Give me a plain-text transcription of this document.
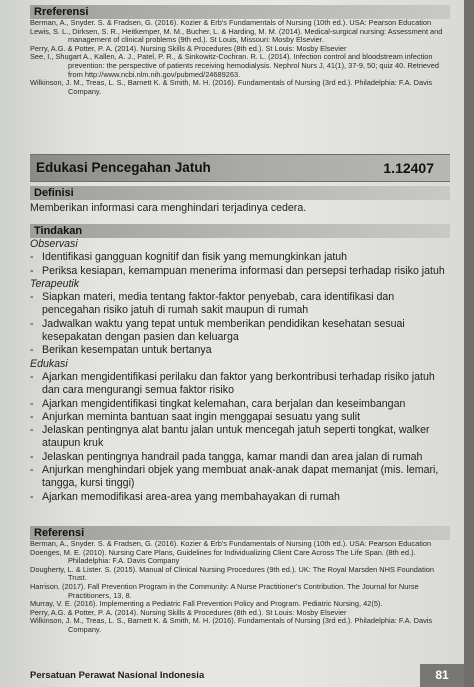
Rreferensi

Berman, A., Snyder. S. & Fradsen, G. (2016). Kozier & Erb's Fundamentals of Nursing (10th ed.). USA: Pearson Education

Lewis, S. L., Dirksen, S. R., Heitkemper, M. M., Bucher, L. & Harding, M. M. (2014). Medical-surgical nursing: Assessment and management of clinical problems (9th ed.). St Louis, Missouri: Mosby Elsevier.

Perry, A.G. & Potter, P. A. (2014). Nursing Skills & Procedures (8th ed.). St Louis: Mosby Elsevier

See, I., Shugart A., Kallen, A. J., Patel, P. R., & Sinkowitz-Cochran. R. L. (2014). Infection control and bloodstream infection prevention: the perspective of patients receiving hemodialysis. Nephrol Nurs J, 41(1), 37-9, 50; quiz 40. Retrieved from http://www.ncbi.nlm.nih.gov/pubmed/24689263.

Wilkinson, J. M., Treas, L. S., Barnett K. & Smith, M. H. (2016). Fundamentals of Nursing (3rd ed.). Philadelphia: F.A. Davis Company.

Edukasi Pencegahan Jatuh	1.12407
Definisi
Memberikan informasi cara menghindari terjadinya cedera.
Tindakan
Observasi

- Identifikasi gangguan kognitif dan fisik yang memungkinkan jatuh

- Periksa kesiapan, kemampuan menerima informasi dan persepsi terhadap risiko jatuh

Terapeutik

- Siapkan materi, media tentang faktor-faktor penyebab, cara identifikasi dan pencegahan risiko jatuh di rumah sakit maupun di rumah

- Jadwalkan waktu yang tepat untuk memberikan pendidikan kesehatan sesuai kesepakatan dengan pasien dan keluarga

- Berikan kesempatan untuk bertanya

Edukasi

- Ajarkan mengidentifikasi perilaku dan faktor yang berkontribusi terhadap risiko jatuh dan cara mengurangi semua faktor risiko

- Ajarkan mengidentifikasi tingkat kelemahan, cara berjalan dan keseimbangan

- Anjurkan meminta bantuan saat ingin menggapai sesuatu yang sulit

- Jelaskan pentingnya alat bantu jalan untuk mencegah jatuh seperti tongkat, walker ataupun kruk

- Jelaskan pentingnya handrail pada tangga, kamar mandi dan area jalan di rumah

- Anjurkan menghindari objek yang membuat anak-anak dapat memanjat (mis. lemari, tangga, kursi tinggi)

- Ajarkan memodifikasi area-area yang membahayakan di rumah

Referensi

Berman, A., Snyder. S. & Fradsen, G. (2016). Kozier & Erb's Fundamentals of Nursing (10th ed.). USA: Pearson Education

Doenges, M. E. (2010). Nursing Care Plans, Guidelines for Individualizing Client Care Across The Life Span. (8th ed.). Philadelphia: F.A. Davis Company

Dougherty, L. & Lister. S. (2015). Manual of Clinical Nursing Procedures (9th ed.). UK: The Royal Marsden NHS Foundation Trust.

Harrison. (2017). Fall Prevention Program in the Community: A Nurse Practitioner's Contribution. The Journal for Nurse Practitioners, 13, 8.

Murray, V. E. (2016). Implementing a Pediatric Fall Prevention Policy and Program. Pediatric Nursing, 42(5).

Perry, A.G. & Potter, P. A. (2014). Nursing Skills & Procedures (8th ed.). St Louis: Mosby Elsevier

Wilkinson, J. M., Treas, L. S., Barnett K. & Smith, M. H. (2016). Fundamentals of Nursing (3rd ed.). Philadelphia: F.A. Davis Company.

Persatuan Perawat Nasional Indonesia	81
